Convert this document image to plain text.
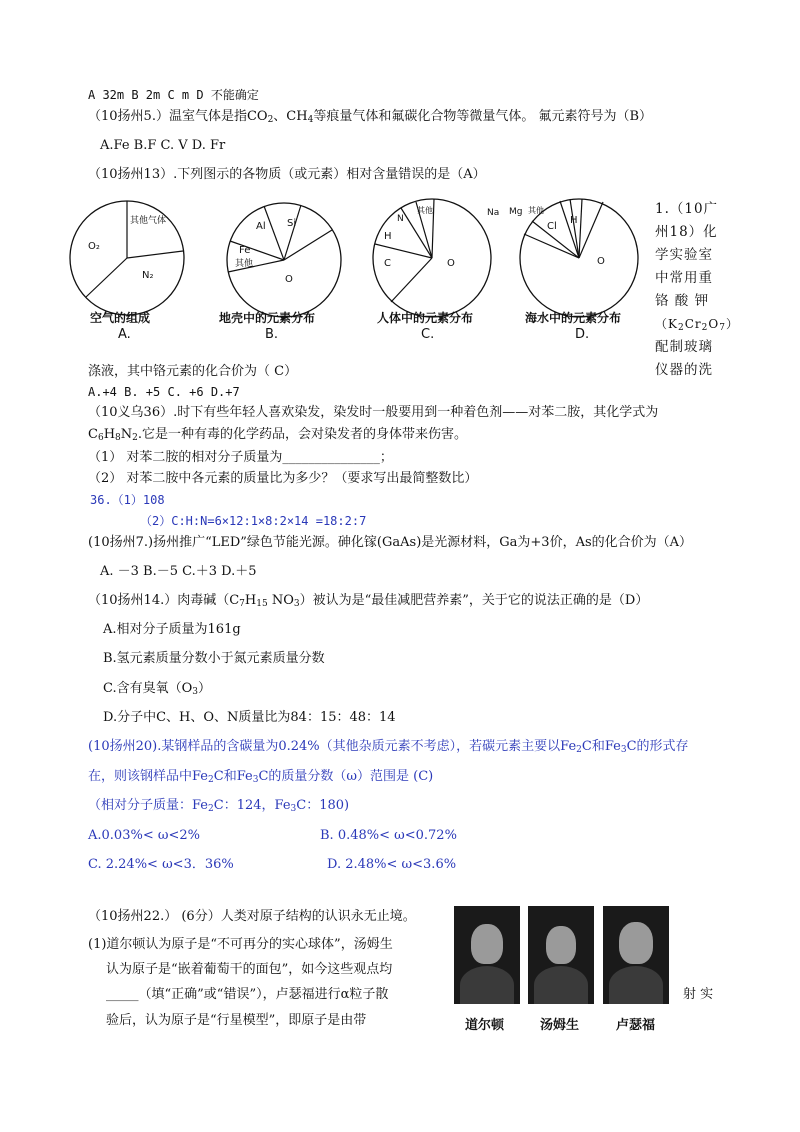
A 32m B 2m C m D 不能确定
（10扬州5.）温室气体是指$CO_2$、$CH_4$等痕量气体和氟碳化合物等微量气体。 氟元素符号为（B）
A.Fe B.F C. V D. Fr
（10扬州13）.下列图示的各物质（或元素）相对含量错误的是（A）
其他气体
O₂
N₂
Al Si
Fe
其他
O
N
其他
H
C	O
Na Mg 其他
Cl
H
O
空气的组成	地壳中的元素分布	人体中的元素分布	海水中的元素分布
A.	B.	C.	D.
1.（10广
州18）化
学实验室
中常用重
铬 酸 钾
$(K_2Cr_2O_7)$
配制玻璃
仪器的洗
涤液，其中铬元素的化合价为（ C）
A.+4 B. +5 C. +6 D.+7
（10义乌36）.时下有些年轻人喜欢染发，染发时一般要用到一种着色剂——对苯二胺，其化学式为
$C_6H_8N_2$.它是一种有毒的化学药品，会对染发者的身体带来伤害。
（1） 对苯二胺的相对分子质量为_______________；
（2） 对苯二胺中各元素的质量比为多少？（要求写出最简整数比）
36.（1）108
（2）C:H:N=6×12:1×8:2×14 =18:2:7
(10扬州7.)扬州推广“LED”绿色节能光源。砷化镓(GaAs)是光源材料，Ga为+3价，As的化合价为（A）
A. －3 B.－5 C.＋3 D.＋5
（10扬州14.）肉毒碱（$C_7H_{15}$ $NO_3$）被认为是“最佳减肥营养素”，关于它的说法正确的是（D）
A.相对分子质量为161g
B.氢元素质量分数小于氮元素质量分数
C.含有臭氧$(O_3)$
D.分子中C、H、O、N质量比为84：15：48：14
(10扬州20).某钢样品的含碳量为0.24%（其他杂质元素不考虑），若碳元素主要以$Fe_2C$和$Fe_3C$的形式存
在，则该钢样品中$Fe_2C$和$Fe_3C$的质量分数（ω）范围是 (C)
（相对分子质量：$Fe_2C$：124，$Fe_3C$：180)
A.0.03%< ω<2%	B. 0.48%< ω<0.72%
C. 2.24%< ω<3．36%	D. 2.48%< ω<3.6%
（10扬州22.） (6分）人类对原子结构的认识永无止境。
(1)道尔顿认为原子是“不可再分的实心球体”，汤姆生
认为原子是“嵌着葡萄干的面包”，如今这些观点均
_____（填“正确”或“错误”），卢瑟福进行α粒子散	射 实
验后，认为原子是“行星模型”，即原子是由带	道尔顿	汤姆生	卢瑟福
